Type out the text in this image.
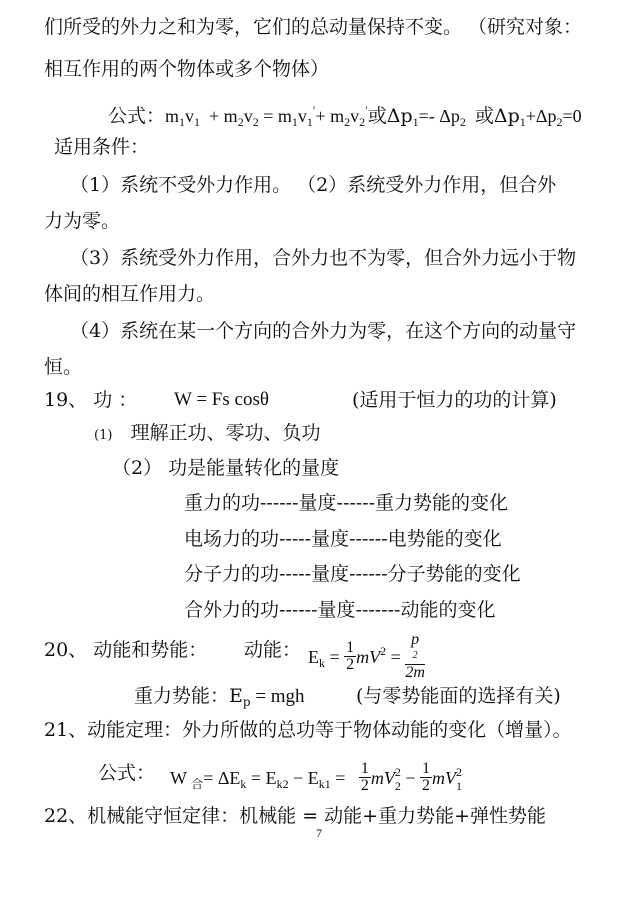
们所受的外力之和为零，它们的总动量保持不变。 （研究对象：
相互作用的两个物体或多个物体）
公式：$m_1v_1 + m_2v_2 = m_1v_1'+ m_2v_2'$或$\Delta p_1=-$ $\Delta p_2$ 或$\Delta p_1+\Delta p_2=0$
适用条件：
（1）系统不受外力作用。 （2）系统受外力作用，但合外
力为零。
（3）系统受外力作用，合外力也不为零，但合外力远小于物
体间的相互作用力。
（4）系统在某一个方向的合外力为零，在这个方向的动量守
恒。
19、 功 ： W = Fs cosθ	(适用于恒力的功的计算)
(1) 理解正功、零功、负功
（2） 功是能量转化的量度
重力的功------量度------重力势能的变化
电场力的功-----量度------电势能的变化
分子力的功-----量度------分子势能的变化
合外力的功------量度-------动能的变化
20、 动能和势能： 动能： $E_k = \frac{1}{2} mV^2 = p$
2
2m
重力势能：$E_p$ = mgh	(与零势能面的选择有关)
21、动能定理：外力所做的总功等于物体动能的变化（增量）。
公式： W $_合= \Delta E_k = E_{k2} - E_{k1} = \frac{1}{2} mV_2^2 - \frac{1}{2} mV_1^2$
22、机械能守恒定律：机械能 = 动能+重力势能+弹性势能
7
